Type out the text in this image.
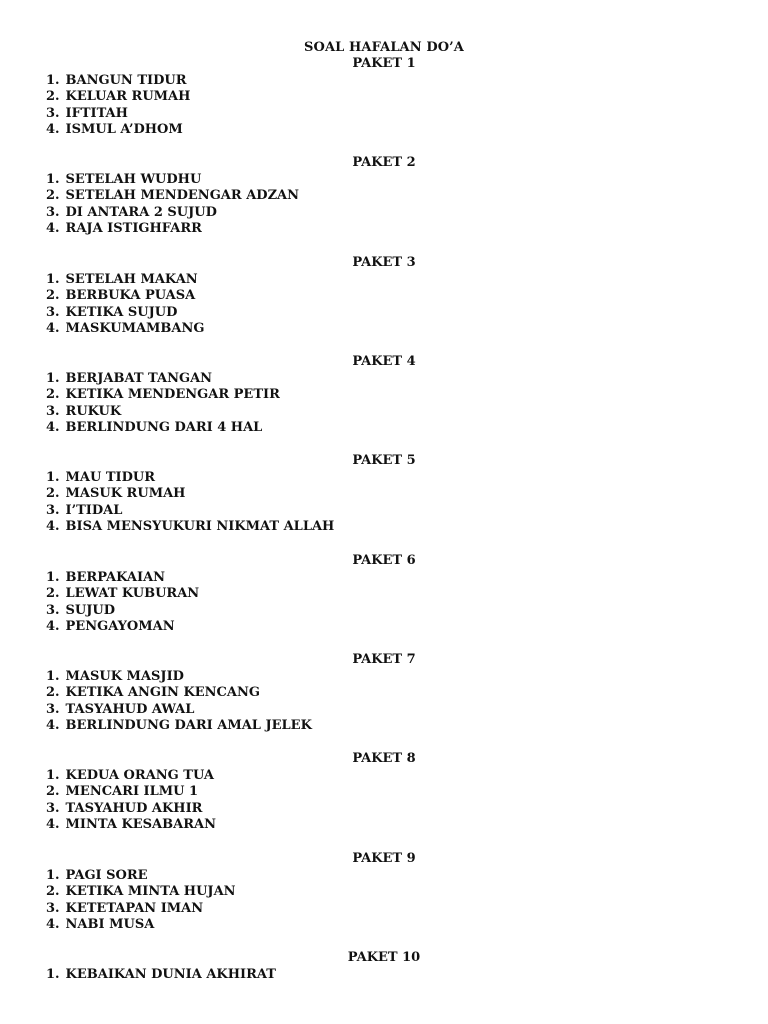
SOAL HAFALAN DO’A
PAKET 1
1. BANGUN TIDUR
2. KELUAR RUMAH
3. IFTITAH
4. ISMUL A’DHOM
PAKET 2
1. SETELAH WUDHU
2. SETELAH MENDENGAR ADZAN
3. DI ANTARA 2 SUJUD
4. RAJA ISTIGHFARR
PAKET 3
1. SETELAH MAKAN
2. BERBUKA PUASA
3. KETIKA SUJUD
4. MASKUMAMBANG
PAKET 4
1. BERJABAT TANGAN
2. KETIKA MENDENGAR PETIR
3. RUKUK
4. BERLINDUNG DARI 4 HAL
PAKET 5
1. MAU TIDUR
2. MASUK RUMAH
3. I’TIDAL
4. BISA MENSYUKURI NIKMAT ALLAH
PAKET 6
1. BERPAKAIAN
2. LEWAT KUBURAN
3. SUJUD
4. PENGAYOMAN
PAKET 7
1. MASUK MASJID
2. KETIKA ANGIN KENCANG
3. TASYAHUD AWAL
4. BERLINDUNG DARI AMAL JELEK
PAKET 8
1. KEDUA ORANG TUA
2. MENCARI ILMU 1
3. TASYAHUD AKHIR
4. MINTA KESABARAN
PAKET 9
1. PAGI SORE
2. KETIKA MINTA HUJAN
3. KETETAPAN IMAN
4. NABI MUSA
PAKET 10
1. KEBAIKAN DUNIA AKHIRAT
